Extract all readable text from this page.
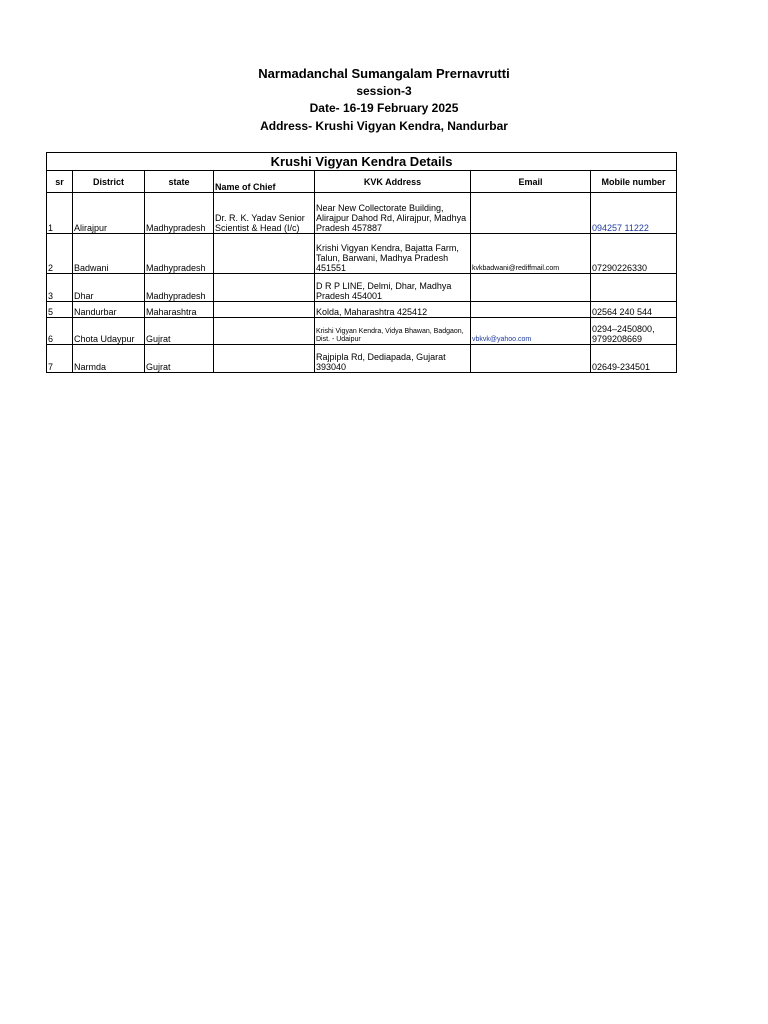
Narmadanchal Sumangalam Prernavrutti
session-3
Date- 16-19 February 2025
Address- Krushi Vigyan Kendra, Nandurbar
Krushi Vigyan Kendra Details						
sr	District	state	Name of Chief	KVK Address	Email	Mobile number
1	Alirajpur	Madhypradesh	Dr. R. K. Yadav Senior Scientist & Head (I/c)	Near New Collectorate Building, Alirajpur Dahod Rd, Alirajpur, Madhya Pradesh 457887		094257 11222
2	Badwani	Madhypradesh		Krishi Vigyan Kendra, Bajatta Farm, Talun, Barwani, Madhya Pradesh 451551	kvkbadwani@rediffmail.com	07290226330
3	Dhar	Madhypradesh		D R P LINE, Delmi, Dhar, Madhya Pradesh 454001		
5	Nandurbar	Maharashtra		Kolda, Maharashtra 425412		02564 240 544
6	Chota Udaypur	Gujrat		Krishi Vigyan Kendra, Vidya Bhawan, Badgaon, Dist. - Udaipur	vbkvk@yahoo.com	0294–2450800, 9799208669
7	Narmda	Gujrat		Rajpipla Rd, Dediapada, Gujarat 393040		02649-234501
